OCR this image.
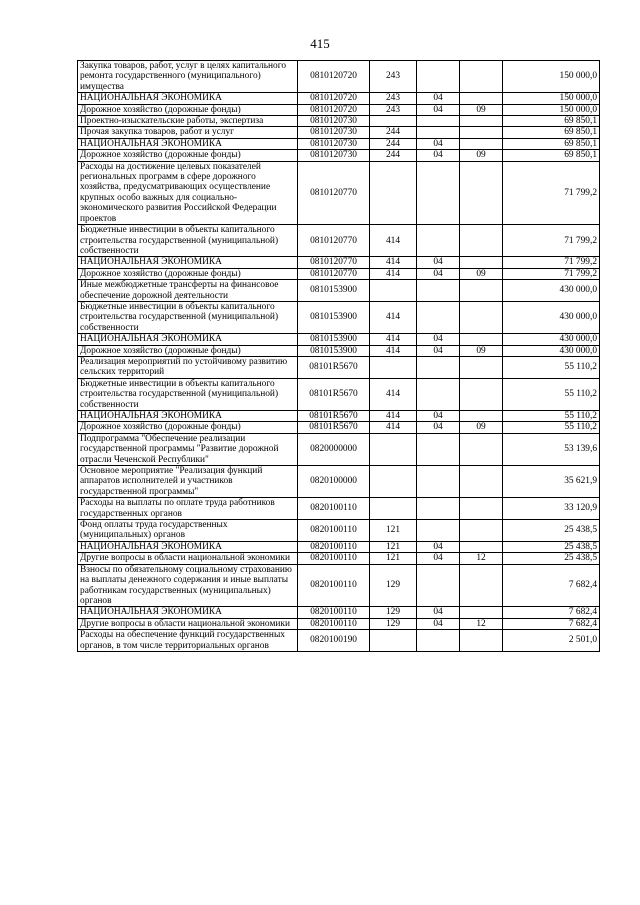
415
Закупка товаров, работ, услуг в целях капитального ремонта государственного (муниципального) имущества	0810120720	243			150 000,0
НАЦИОНАЛЬНАЯ ЭКОНОМИКА	0810120720	243	04		150 000,0
Дорожное хозяйство (дорожные фонды)	0810120720	243	04	09	150 000,0
Проектно-изыскательские работы, экспертиза	0810120730				69 850,1
Прочая закупка товаров, работ и услуг	0810120730	244			69 850,1
НАЦИОНАЛЬНАЯ ЭКОНОМИКА	0810120730	244	04		69 850,1
Дорожное хозяйство (дорожные фонды)	0810120730	244	04	09	69 850,1
Расходы на достижение целевых показателей региональных программ в сфере дорожного хозяйства, предусматривающих осуществление крупных особо важных для социально-экономического развития Российской Федерации проектов	0810120770				71 799,2
Бюджетные инвестиции в объекты капитального строительства государственной (муниципальной) собственности	0810120770	414			71 799,2
НАЦИОНАЛЬНАЯ ЭКОНОМИКА	0810120770	414	04		71 799,2
Дорожное хозяйство (дорожные фонды)	0810120770	414	04	09	71 799,2
Иные межбюджетные трансферты на финансовое обеспечение дорожной деятельности	0810153900				430 000,0
Бюджетные инвестиции в объекты капитального строительства государственной (муниципальной) собственности	0810153900	414			430 000,0
НАЦИОНАЛЬНАЯ ЭКОНОМИКА	0810153900	414	04		430 000,0
Дорожное хозяйство (дорожные фонды)	0810153900	414	04	09	430 000,0
Реализация мероприятий по устойчивому развитию сельских территорий	08101R5670				55 110,2
Бюджетные инвестиции в объекты капитального строительства государственной (муниципальной) собственности	08101R5670	414			55 110,2
НАЦИОНАЛЬНАЯ ЭКОНОМИКА	08101R5670	414	04		55 110,2
Дорожное хозяйство (дорожные фонды)	08101R5670	414	04	09	55 110,2
Подпрограмма "Обеспечение реализации государственной программы "Развитие дорожной отрасли Чеченской Республики"	0820000000				53 139,6
Основное мероприятие "Реализация функций аппаратов исполнителей и участников государственной программы"	0820100000				35 621,9
Расходы на выплаты по оплате труда работников государственных органов	0820100110				33 120,9
Фонд оплаты труда государственных (муниципальных) органов	0820100110	121			25 438,5
НАЦИОНАЛЬНАЯ ЭКОНОМИКА	0820100110	121	04		25 438,5
Другие вопросы в области национальной экономики	0820100110	121	04	12	25 438,5
Взносы по обязательному социальному страхованию на выплаты денежного содержания и иные выплаты работникам государственных (муниципальных) органов	0820100110	129			7 682,4
НАЦИОНАЛЬНАЯ ЭКОНОМИКА	0820100110	129	04		7 682,4
Другие вопросы в области национальной экономики	0820100110	129	04	12	7 682,4
Расходы на обеспечение функций государственных органов, в том числе территориальных органов	0820100190				2 501,0
